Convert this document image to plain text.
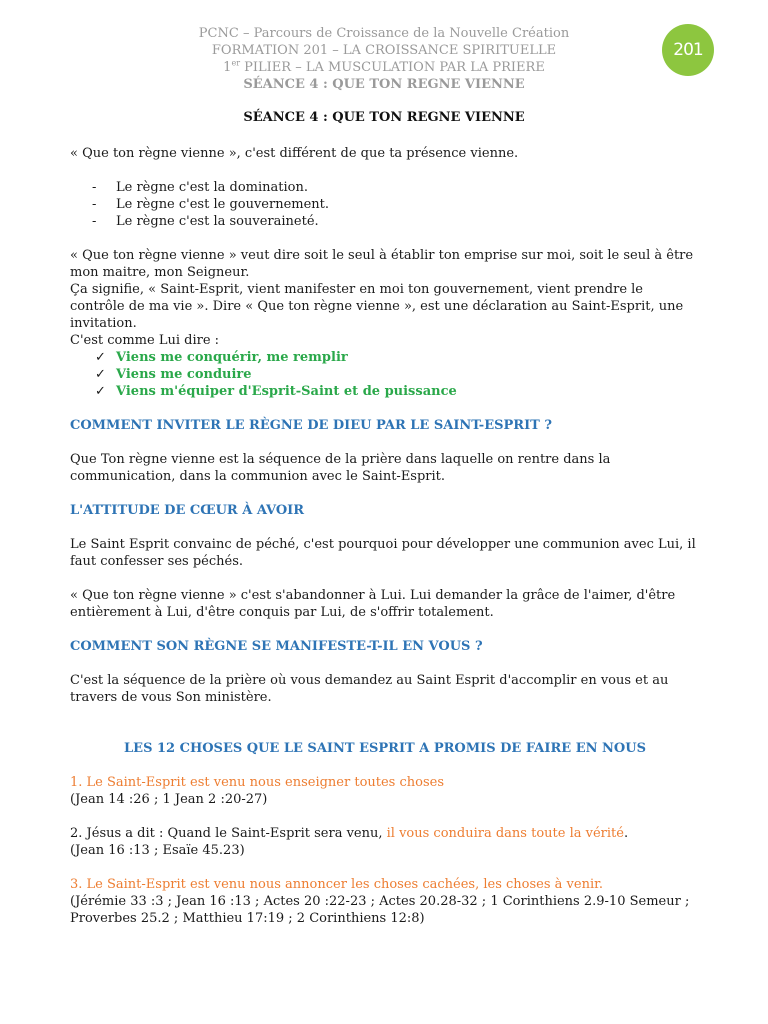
PCNC – Parcours de Croissance de la Nouvelle Création
FORMATION 201 – LA CROISSANCE SPIRITUELLE
1er PILIER – LA MUSCULATION PAR LA PRIERE
SÉANCE 4 : QUE TON REGNE VIENNE
201
SÉANCE 4 : QUE TON REGNE VIENNE

« Que ton règne vienne », c'est différent de que ta présence vienne.

- Le règne c'est la domination.
- Le règne c'est le gouvernement.
- Le règne c'est la souveraineté.

« Que ton règne vienne » veut dire soit le seul à établir ton emprise sur moi, soit le seul à être mon maitre, mon Seigneur.

Ça signifie, « Saint-Esprit, vient manifester en moi ton gouvernement, vient prendre le contrôle de ma vie ». Dire « Que ton règne vienne », est une déclaration au Saint-Esprit, une invitation.

C'est comme Lui dire :

✓ Viens me conquérir, me remplir
✓ Viens me conduire
✓ Viens m'équiper d'Esprit-Saint et de puissance

COMMENT INVITER LE RÈGNE DE DIEU PAR LE SAINT-ESPRIT ?

Que Ton règne vienne est la séquence de la prière dans laquelle on rentre dans la communication, dans la communion avec le Saint-Esprit.

L'ATTITUDE DE CŒUR À AVOIR

Le Saint Esprit convainc de péché, c'est pourquoi pour développer une communion avec Lui, il faut confesser ses péchés.

« Que ton règne vienne » c'est s'abandonner à Lui. Lui demander la grâce de l'aimer, d'être entièrement à Lui, d'être conquis par Lui, de s'offrir totalement.

COMMENT SON RÈGNE SE MANIFESTE-T-IL EN VOUS ?

C'est la séquence de la prière où vous demandez au Saint Esprit d'accomplir en vous et au travers de vous Son ministère.

LES 12 CHOSES QUE LE SAINT ESPRIT A PROMIS DE FAIRE EN NOUS

1. Le Saint-Esprit est venu nous enseigner toutes choses

(Jean 14 :26 ; 1 Jean 2 :20-27)

2. Jésus a dit : Quand le Saint-Esprit sera venu, il vous conduira dans toute la vérité.

(Jean 16 :13 ; Esaïe 45.23)

3. Le Saint-Esprit est venu nous annoncer les choses cachées, les choses à venir.

(Jérémie 33 :3 ; Jean 16 :13 ; Actes 20 :22-23 ; Actes 20.28-32 ; 1 Corinthiens 2.9-10 Semeur ; Proverbes 25.2 ; Matthieu 17:19 ; 2 Corinthiens 12:8)
